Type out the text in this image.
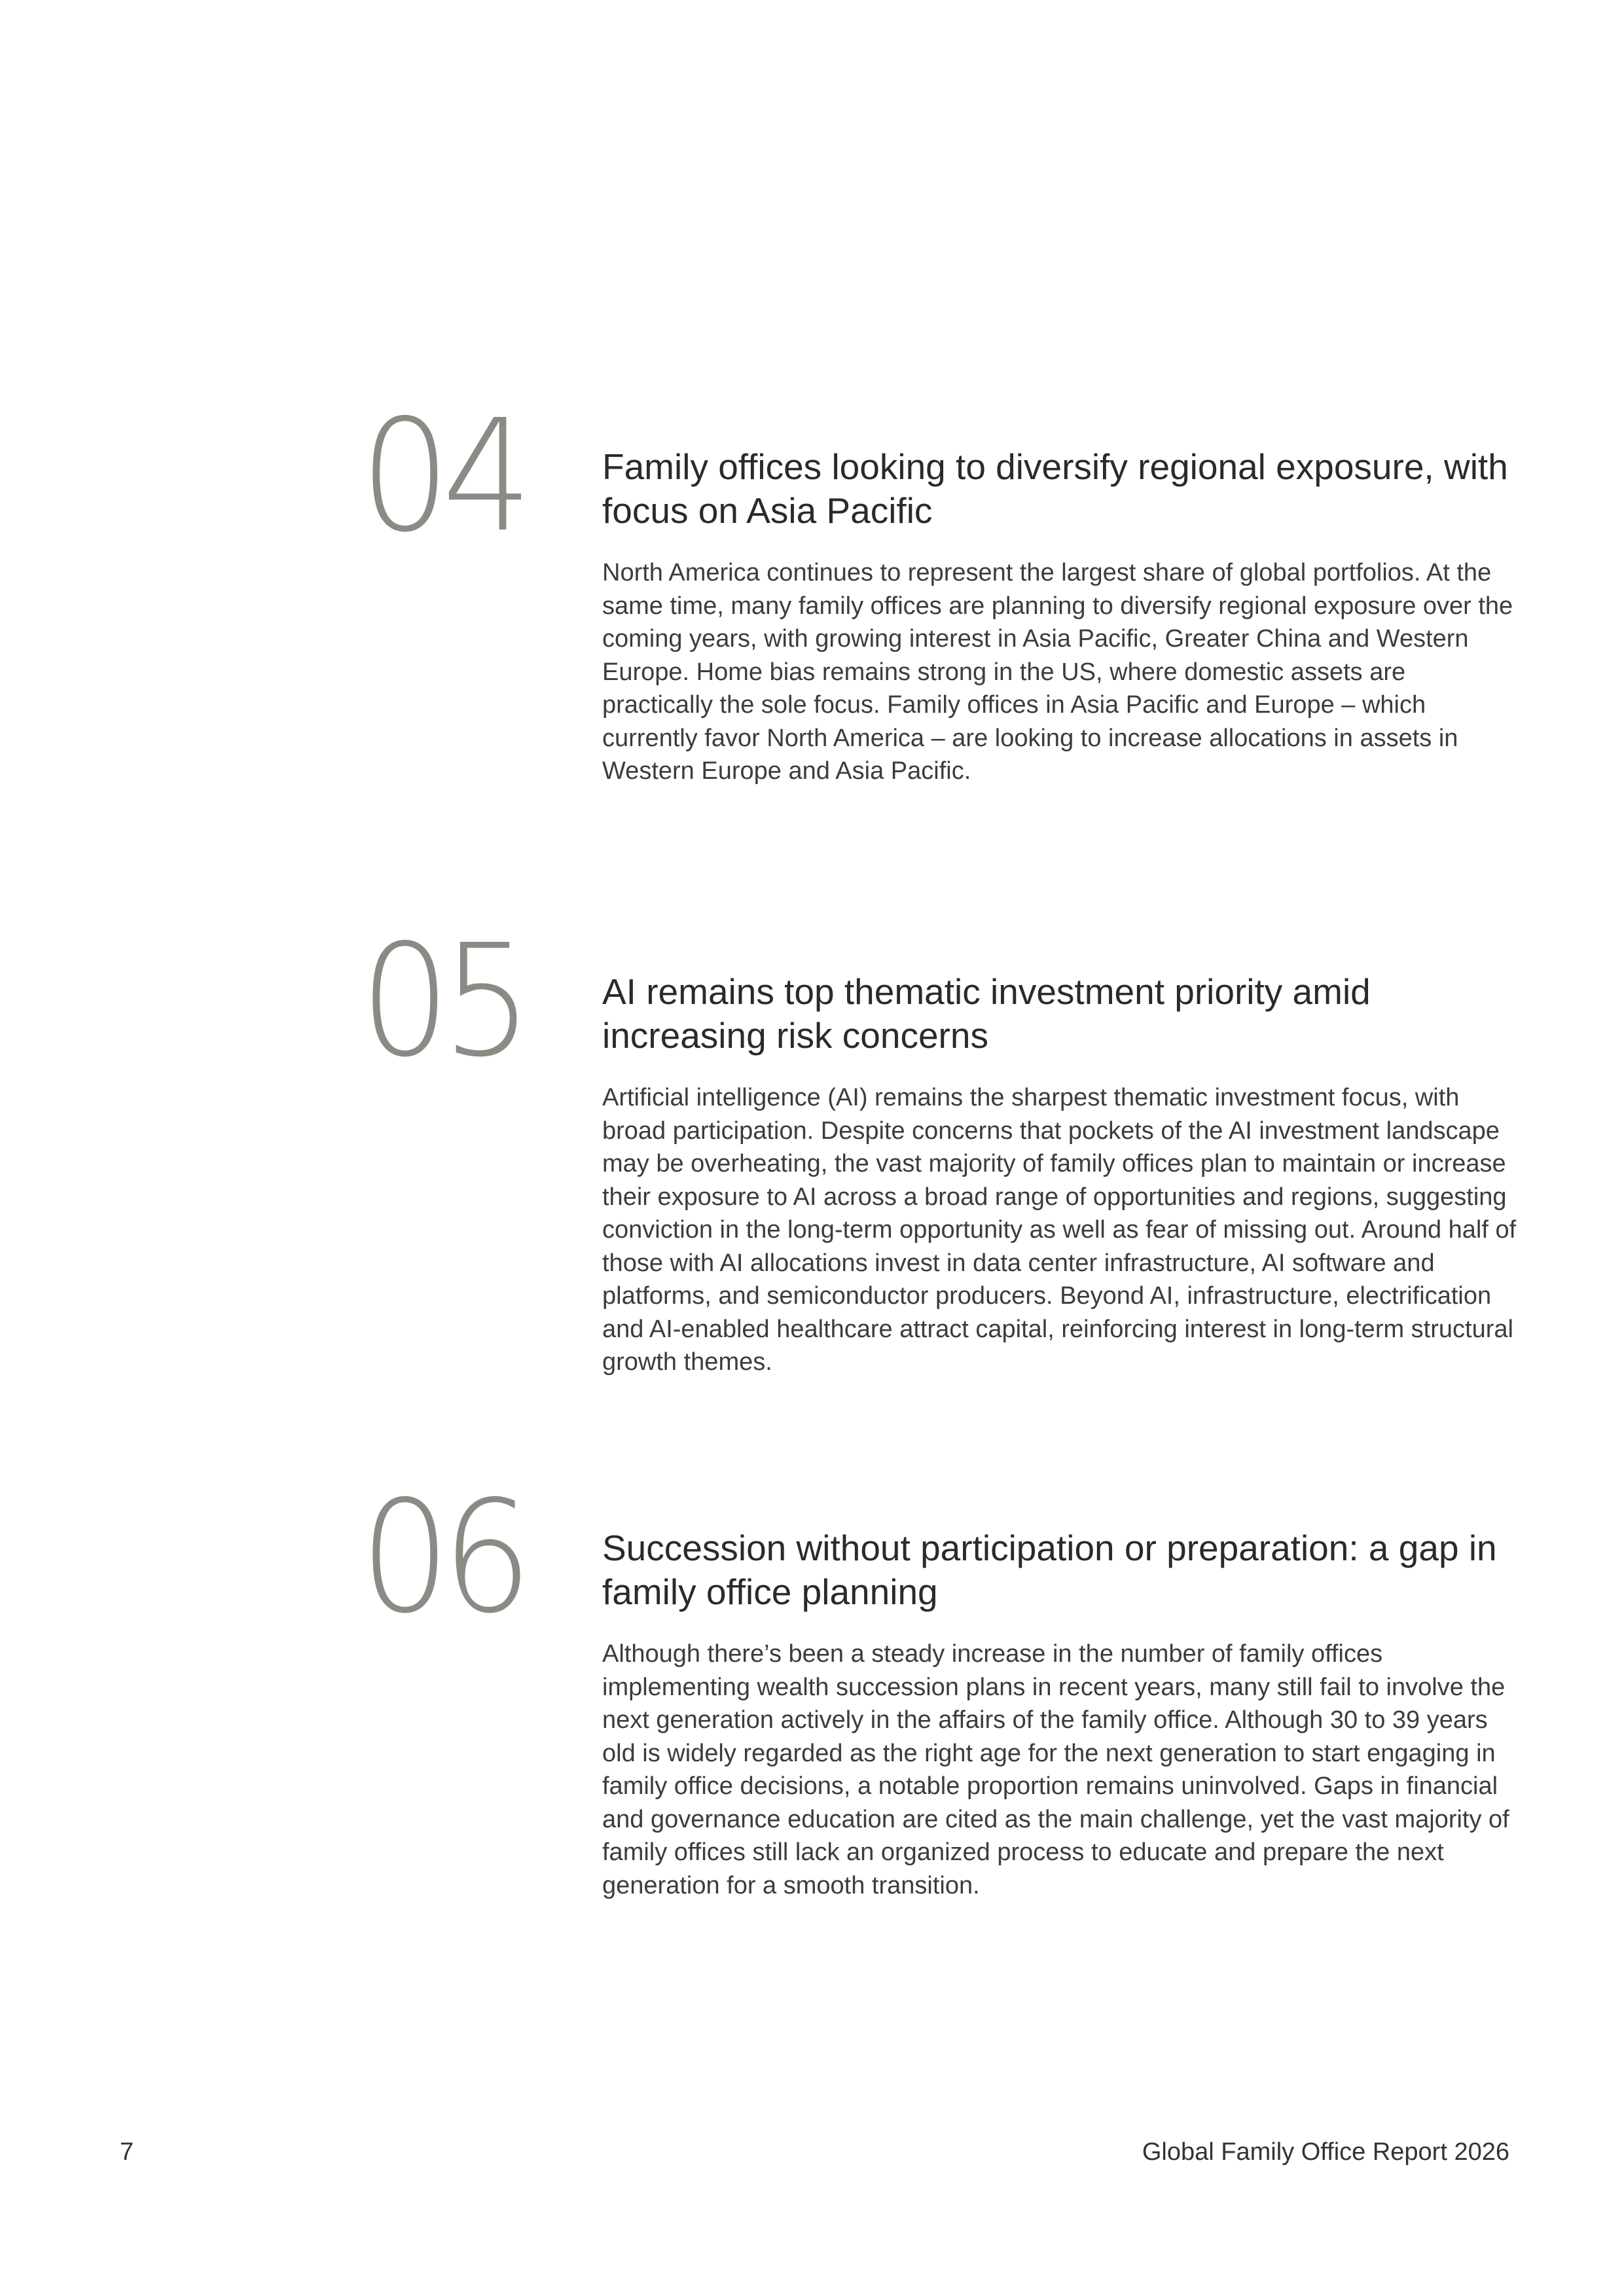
04	Family offices looking to diversify regional exposure, with focus on Asia Pacific

North America continues to represent the largest share of global portfolios. At the same time, many family offices are planning to diversify regional exposure over the coming years, with growing interest in Asia Pacific, Greater China and Western Europe. Home bias remains strong in the US, where domestic assets are practically the sole focus. Family offices in Asia Pacific and Europe – which currently favor North America – are looking to increase allocations in assets in Western Europe and Asia Pacific.

05	AI remains top thematic investment priority amid increasing risk concerns

Artificial intelligence (AI) remains the sharpest thematic investment focus, with broad participation. Despite concerns that pockets of the AI investment landscape may be overheating, the vast majority of family offices plan to maintain or increase their exposure to AI across a broad range of opportunities and regions, suggesting conviction in the long-term opportunity as well as fear of missing out. Around half of those with AI allocations invest in data center infrastructure, AI software and platforms, and semiconductor producers. Beyond AI, infrastructure, electrification and AI-enabled healthcare attract capital, reinforcing interest in long-term structural growth themes.

06	Succession without participation or preparation: a gap in family office planning

Although there’s been a steady increase in the number of family offices implementing wealth succession plans in recent years, many still fail to involve the next generation actively in the affairs of the family office. Although 30 to 39 years old is widely regarded as the right age for the next generation to start engaging in family office decisions, a notable proportion remains uninvolved. Gaps in financial and governance education are cited as the main challenge, yet the vast majority of family offices still lack an organized process to educate and prepare the next generation for a smooth transition.

7	Global Family Office Report 2026
